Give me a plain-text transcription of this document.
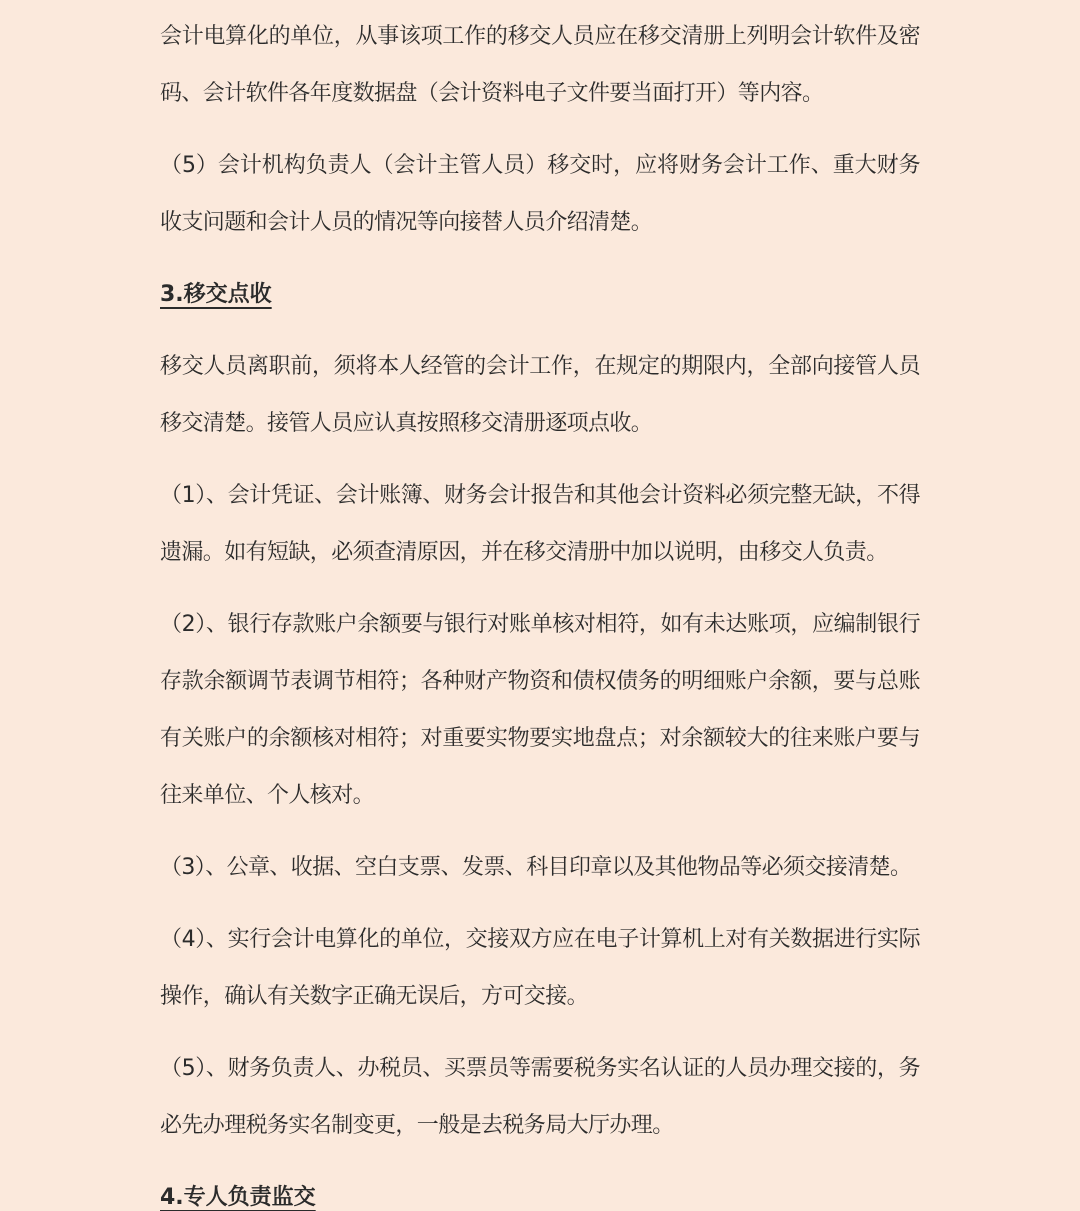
会计电算化的单位，从事该项工作的移交人员应在移交清册上列明会计软件及密码、会计软件各年度数据盘（会计资料电子文件要当面打开）等内容。

（5）会计机构负责人（会计主管人员）移交时，应将财务会计工作、重大财务收支问题和会计人员的情况等向接替人员介绍清楚。

3.移交点收

移交人员离职前，须将本人经管的会计工作，在规定的期限内，全部向接管人员移交清楚。接管人员应认真按照移交清册逐项点收。

（1）、会计凭证、会计账簿、财务会计报告和其他会计资料必须完整无缺，不得遗漏。如有短缺，必须查清原因，并在移交清册中加以说明，由移交人负责。

（2）、银行存款账户余额要与银行对账单核对相符，如有未达账项，应编制银行存款余额调节表调节相符；各种财产物资和债权债务的明细账户余额，要与总账有关账户的余额核对相符；对重要实物要实地盘点；对余额较大的往来账户要与往来单位、个人核对。

（3）、公章、收据、空白支票、发票、科目印章以及其他物品等必须交接清楚。

（4）、实行会计电算化的单位，交接双方应在电子计算机上对有关数据进行实际操作，确认有关数字正确无误后，方可交接。

（5）、财务负责人、办税员、买票员等需要税务实名认证的人员办理交接的，务必先办理税务实名制变更，一般是去税务局大厅办理。

4.专人负责监交
